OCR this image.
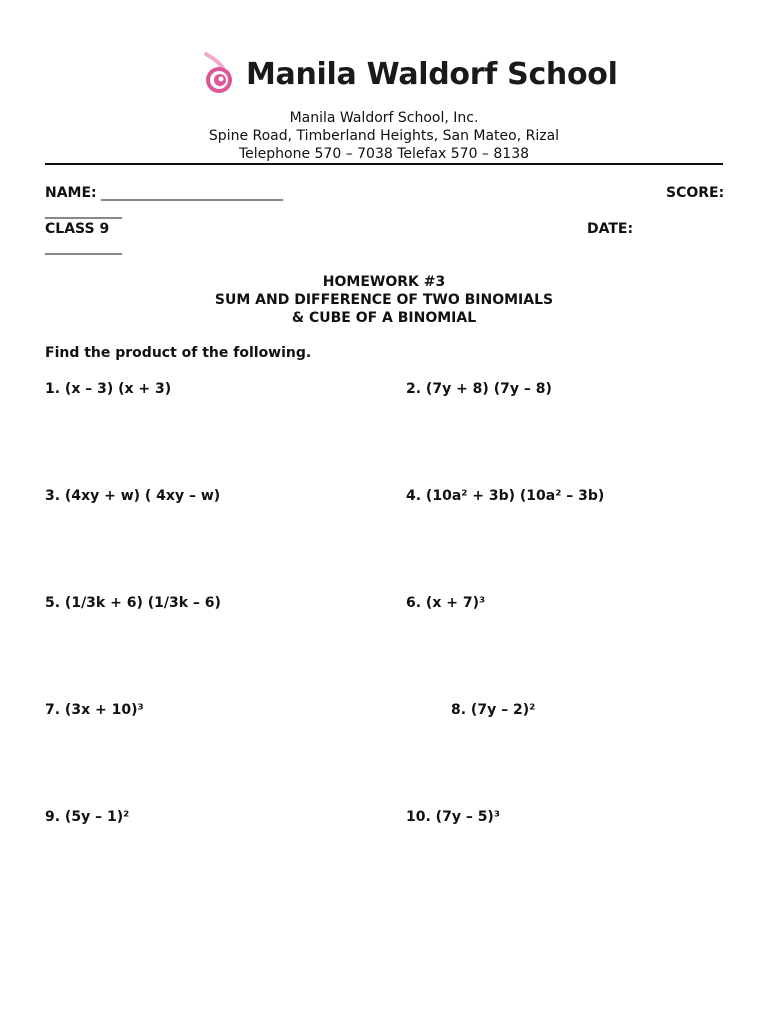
Manila Waldorf School
Manila Waldorf School, Inc.
Spine Road, Timberland Heights, San Mateo, Rizal
Telephone 570 – 7038 Telefax 570 – 8138
NAME: __________________________	SCORE:
___________
CLASS 9	DATE:
___________
HOMEWORK #3
SUM AND DIFFERENCE OF TWO BINOMIALS
& CUBE OF A BINOMIAL
Find the product of the following.
1. (x – 3) (x + 3)	2. (7y + 8) (7y – 8)
3. (4xy + w) ( 4xy – w)	4. (10a² + 3b) (10a² – 3b)
5. (1/3k + 6) (1/3k – 6)	6. (x + 7)³
7. (3x + 10)³	8. (7y – 2)²
9. (5y – 1)²	10. (7y – 5)³
